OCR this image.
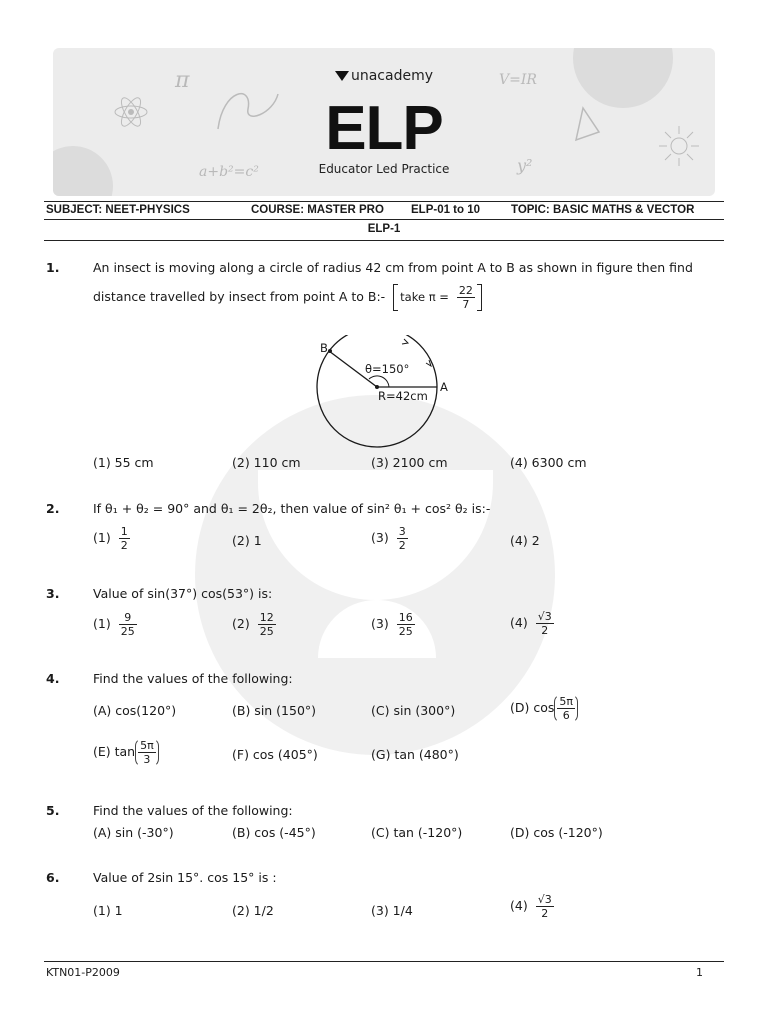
π	V=IR
a+b²=c²	y²
unacademy
ELP
Educator Led Practice
SUBJECT: NEET-PHYSICS	COURSE: MASTER PRO ELP-01 to 10	TOPIC: BASIC MATHS & VECTOR
ELP-1
1.	An insect is moving along a circle of radius 42 cm from point A to B as shown in figure then find
distance travelled by insect from point A to B:- take $\pi = \frac{22}{7}$
B
A
θ=150°
R=42cm
(1) 55 cm	(2) 110 cm	(3) 2100 cm	(4) 6300 cm
2.	If θ₁ + θ₂ = 90° and θ₁ = 2θ₂, then value of sin² θ₁ + cos² θ₂ is:-
$(1) \frac{1}{2}$	(2) 1	$(3) \frac{3}{2}$	(4) 2
3.	Value of sin(37°) cos(53°) is:
$(1) \frac{9}{25}$	$(2) \frac{12}{25}$	$(3) \frac{16}{25}$	$(4) \frac{√3}{2}$
4.	Find the values of the following:
(A) cos(120°)	(B) sin (150°)	(C) sin (300°)	(D) $\cos \frac{5\pi}{6}$
(E) $\tan \frac{5\pi}{3}$	(F) cos (405°)	(G) tan (480°)
5.	Find the values of the following:
(A) sin (-30°)	(B) cos (-45°)	(C) tan (-120°)	(D) cos (-120°)
6.	Value of 2sin 15°. cos 15° is :
(1) 1	(2) 1/2	(3) 1/4	$(4) \frac{√3}{2}$
KTN01-P2009	1
